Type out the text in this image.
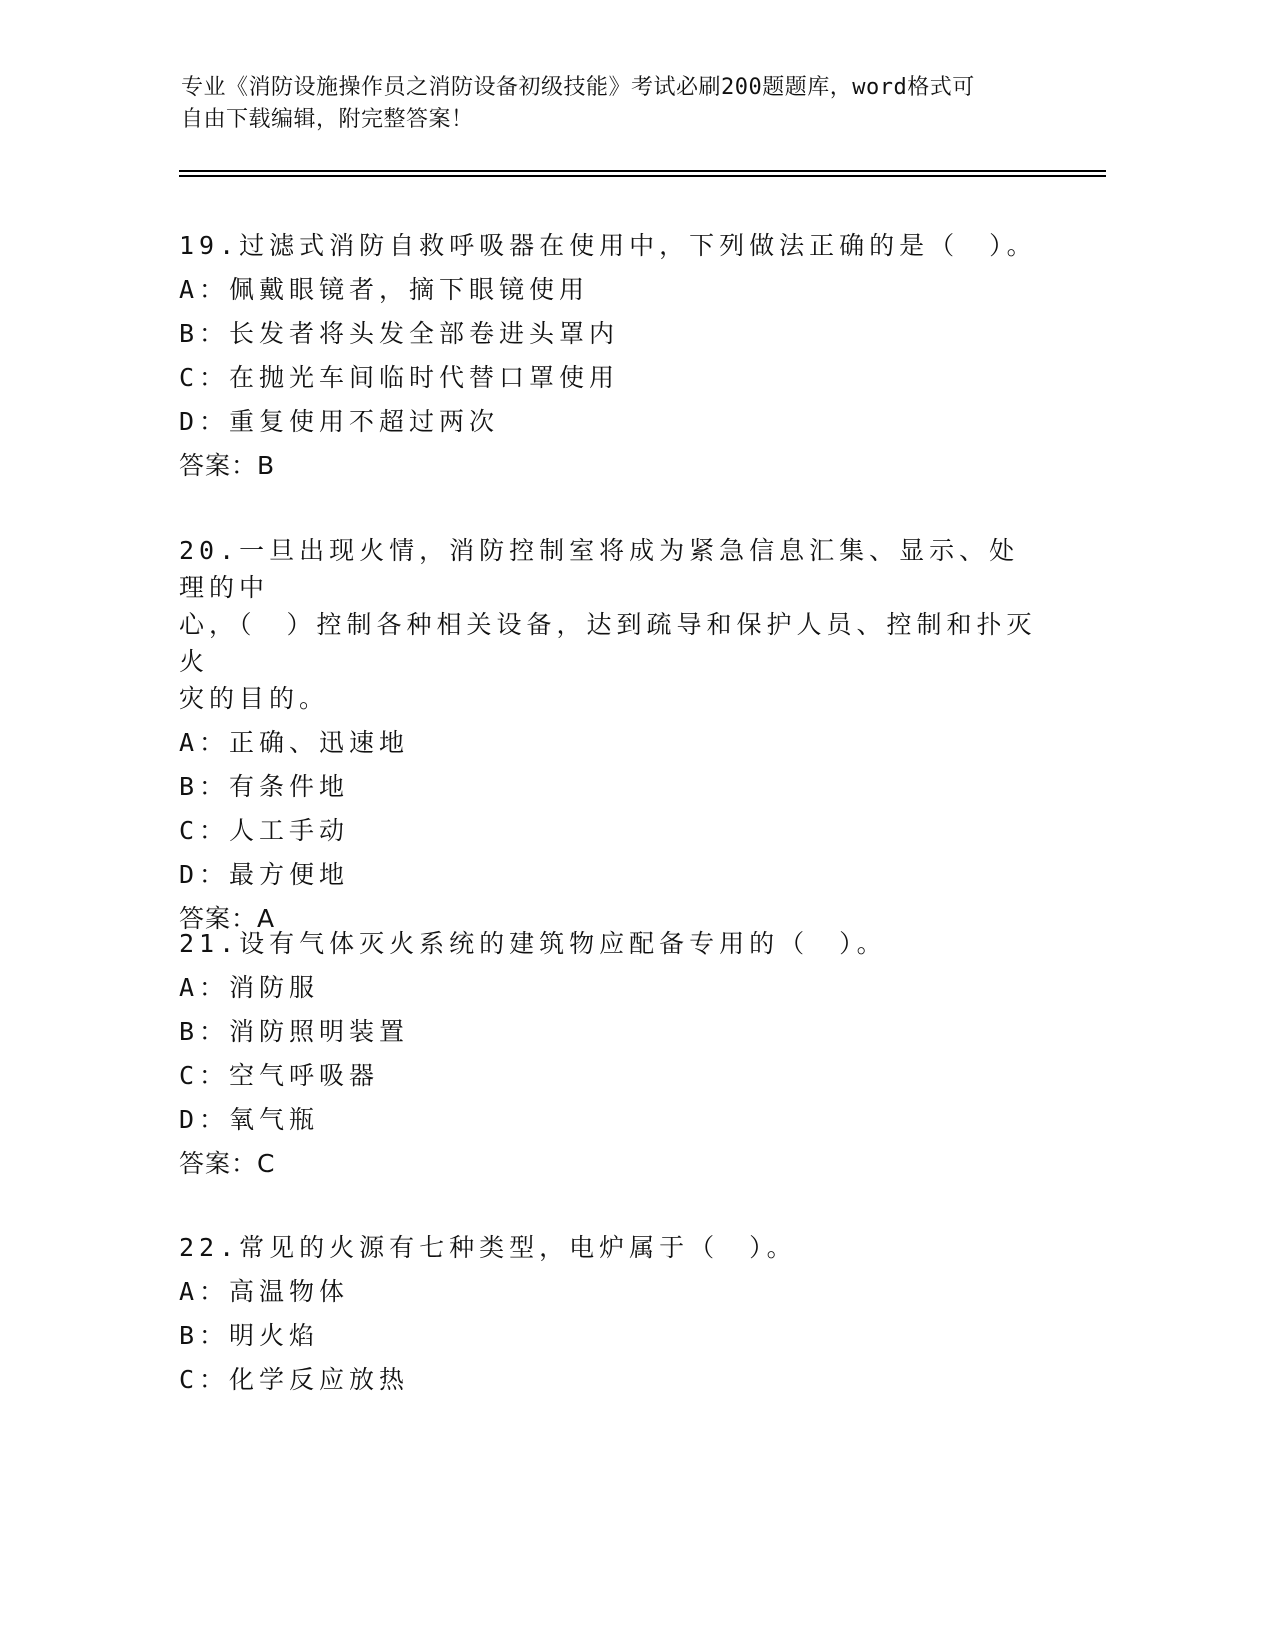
专业《消防设施操作员之消防设备初级技能》考试必刷200题题库，word格式可
自由下载编辑，附完整答案！
19.过滤式消防自救呼吸器在使用中，下列做法正确的是（　）。
A：佩戴眼镜者，摘下眼镜使用
B：长发者将头发全部卷进头罩内
C：在抛光车间临时代替口罩使用
D：重复使用不超过两次
答案：B
20.一旦出现火情，消防控制室将成为紧急信息汇集、显示、处理的中
心，（　）控制各种相关设备，达到疏导和保护人员、控制和扑灭火
灾的目的。
A：正确、迅速地
B：有条件地
C：人工手动
D：最方便地
答案：A
21.设有气体灭火系统的建筑物应配备专用的（　）。
A：消防服
B：消防照明装置
C：空气呼吸器
D：氧气瓶
答案：C
22.常见的火源有七种类型，电炉属于（　）。
A：高温物体
B：明火焰
C：化学反应放热
